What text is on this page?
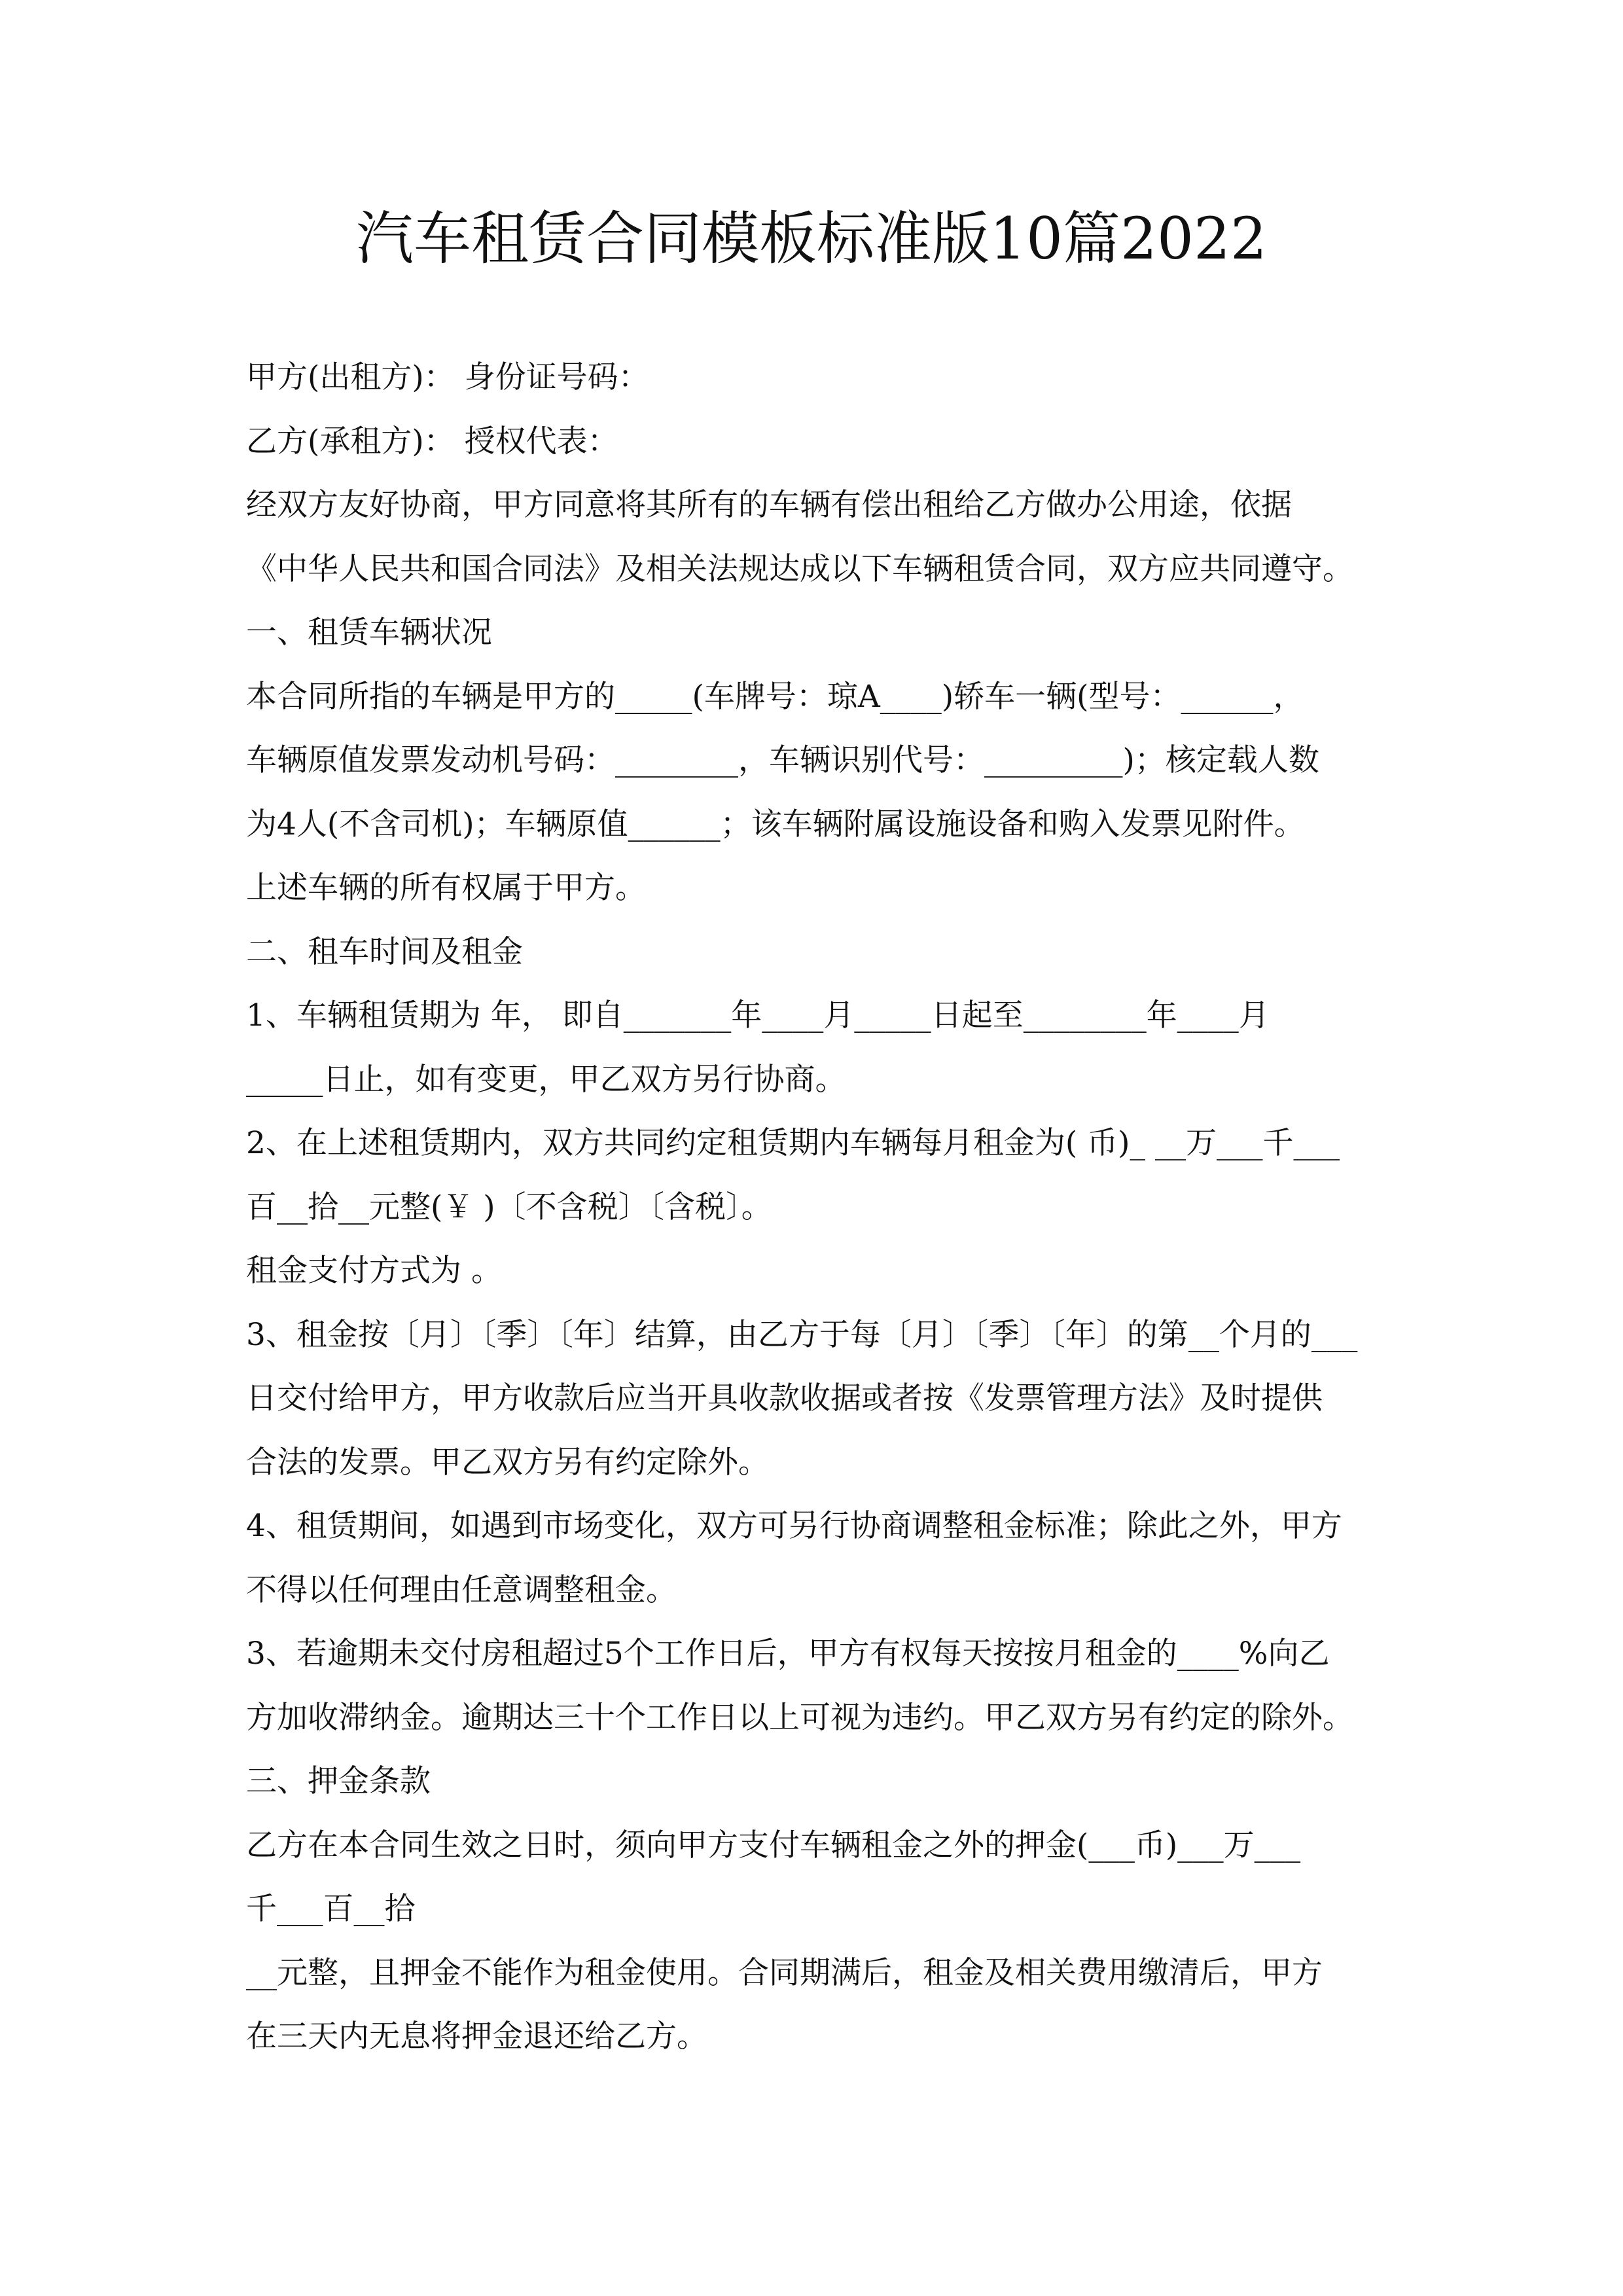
汽车租赁合同模板标准版10篇2022
甲方(出租方)： 身份证号码：
乙方(承租方)： 授权代表：
经双方友好协商，甲方同意将其所有的车辆有偿出租给乙方做办公用途，依据
《中华人民共和国合同法》及相关法规达成以下车辆租赁合同，双方应共同遵守。
一、租赁车辆状况
本合同所指的车辆是甲方的_____(车牌号：琼A____)轿车一辆(型号：______，
车辆原值发票发动机号码：________，车辆识别代号：_________)；核定载人数
为4人(不含司机)；车辆原值______；该车辆附属设施设备和购入发票见附件。
上述车辆的所有权属于甲方。
二、租车时间及租金
1、车辆租赁期为 年， 即自_______年____月_____日起至________年____月
_____日止，如有变更，甲乙双方另行协商。
2、在上述租赁期内，双方共同约定租赁期内车辆每月租金为( 币)_ __万___千___
百__拾__元整(￥ )〔不含税〕〔含税〕。
租金支付方式为 。
3、租金按〔月〕〔季〕〔年〕结算，由乙方于每〔月〕〔季〕〔年〕的第__个月的___
日交付给甲方，甲方收款后应当开具收款收据或者按《发票管理方法》及时提供
合法的发票。甲乙双方另有约定除外。
4、租赁期间，如遇到市场变化，双方可另行协商调整租金标准；除此之外，甲方
不得以任何理由任意调整租金。
3、若逾期未交付房租超过5个工作日后，甲方有权每天按按月租金的____%向乙
方加收滞纳金。逾期达三十个工作日以上可视为违约。甲乙双方另有约定的除外。
三、押金条款
乙方在本合同生效之日时，须向甲方支付车辆租金之外的押金(___币)___万___
千___百__拾
__元整，且押金不能作为租金使用。合同期满后，租金及相关费用缴清后，甲方
在三天内无息将押金退还给乙方。
